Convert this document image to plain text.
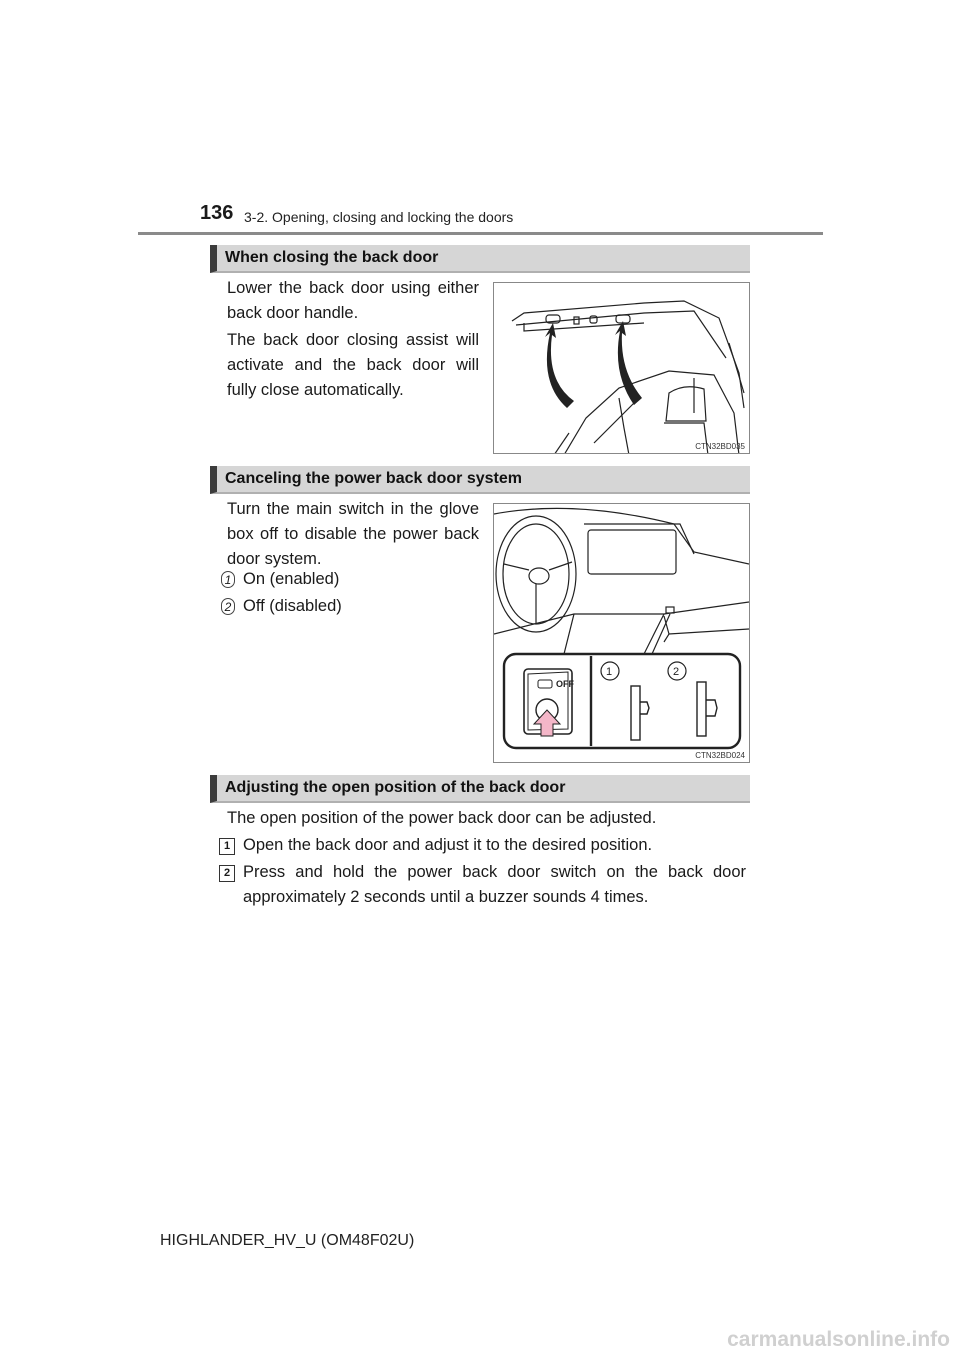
136 3-2. Opening, closing and locking the doors
When closing the back door
Lower the back door using either back door handle.
The back door closing assist will activate and the back door will fully close automatically.
CTN32BD035
Canceling the power back door system
Turn the main switch in the glove box off to disable the power back door system.
1 On (enabled)
2 Off (disabled)
OFF
1	2
CTN32BD024
Adjusting the open position of the back door
The open position of the power back door can be adjusted.
1 Open the back door and adjust it to the desired position.
2 Press and hold the power back door switch on the back door approximately 2 seconds until a buzzer sounds 4 times.
HIGHLANDER_HV_U (OM48F02U)
carmanualsonline.info
